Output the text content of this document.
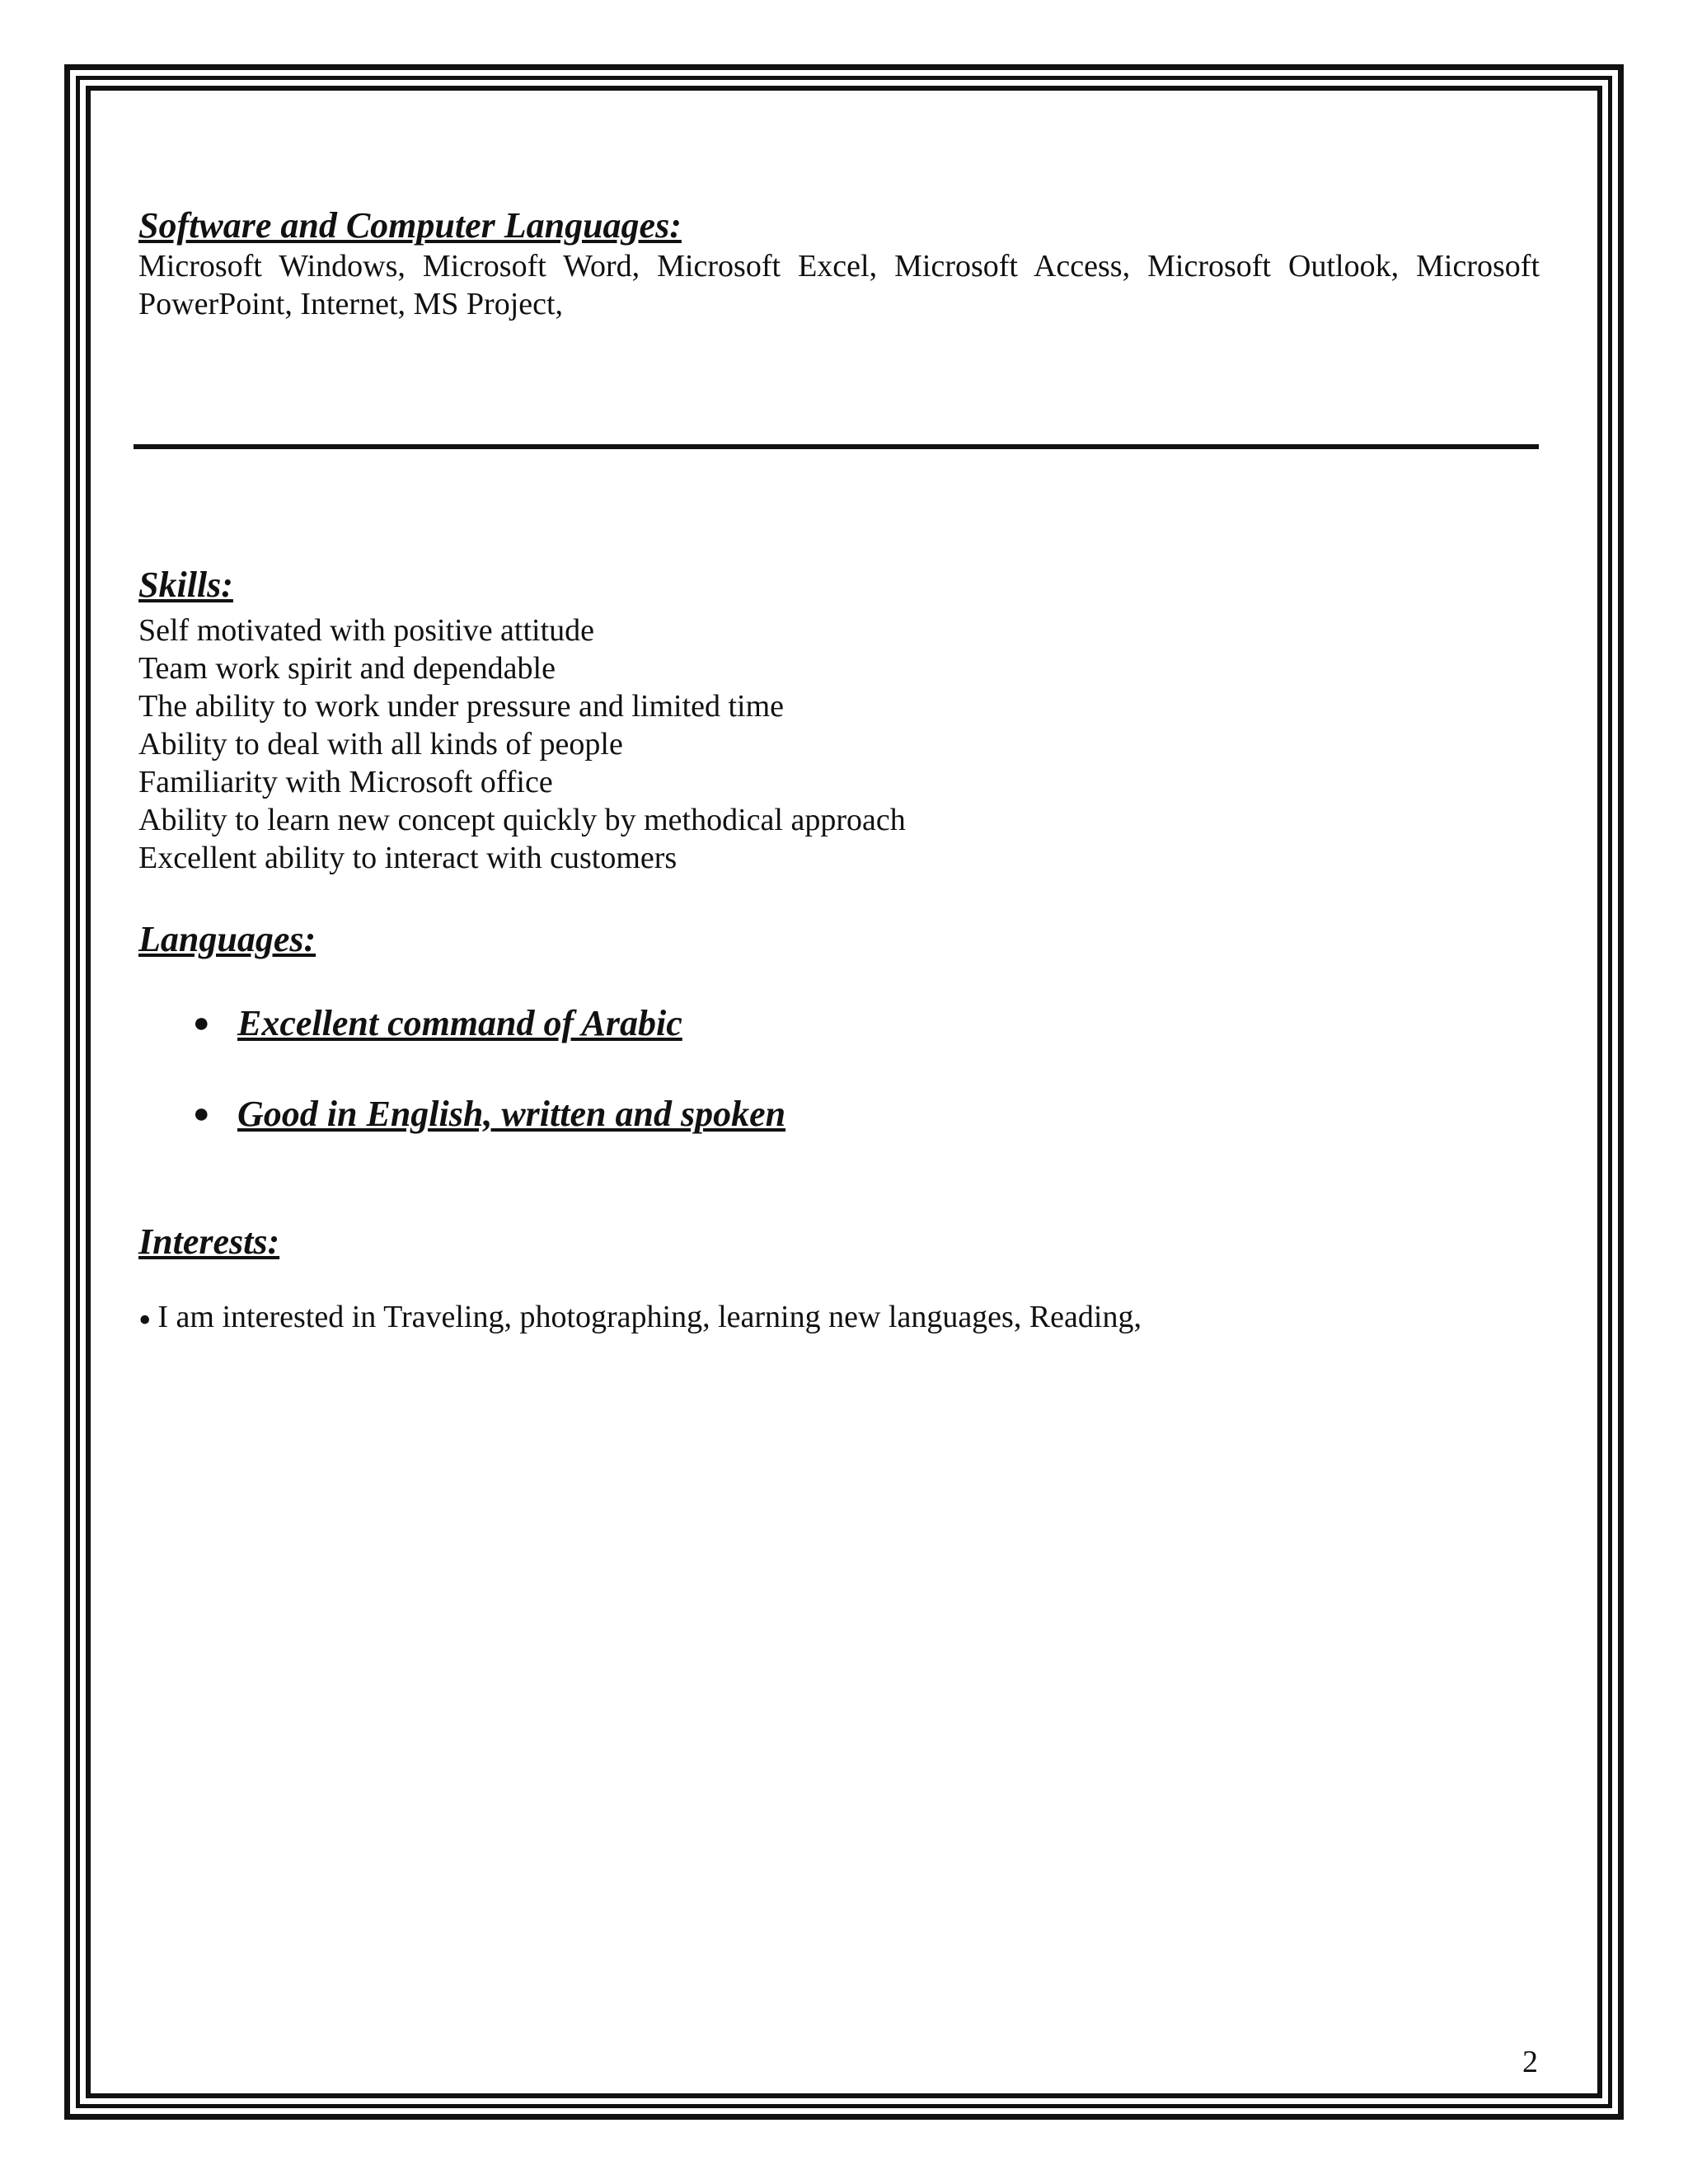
Software and Computer Languages:

Microsoft Windows, Microsoft Word, Microsoft Excel, Microsoft Access, Microsoft Outlook, Microsoft PowerPoint, Internet, MS Project,

Skills:

Self motivated with positive attitude

Team work spirit and dependable

The ability to work under pressure and limited time

Ability to deal with all kinds of people

Familiarity with Microsoft office

Ability to learn new concept quickly by methodical approach

Excellent ability to interact with customers

Languages:
● Excellent command of Arabic
● Good in English, written and spoken
Interests:

• I am interested in Traveling, photographing, learning new languages, Reading,

2
